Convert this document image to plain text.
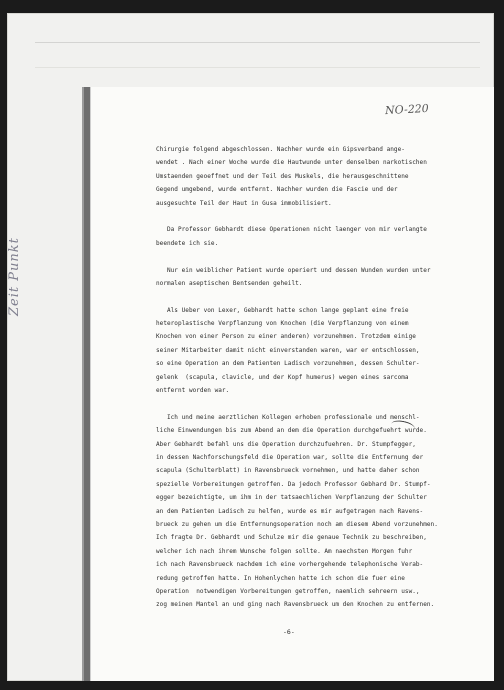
Zeit Punkt
NO-220
Chirurgie folgend abgeschlossen. Nachher wurde ein Gipsverband ange-
wendet . Nach einer Woche wurde die Hautwunde unter denselben narkotischen
Umstaenden geoeffnet und der Teil des Muskels, die herausgeschnittene
Gegend umgebend, wurde entfernt. Nachher wurden die Fascie und der
ausgesuchte Teil der Haut in Gusa immobilisiert.
Da Professor Gebhardt diese Operationen nicht laenger von mir verlangte
beendete ich sie.
Nur ein weiblicher Patient wurde operiert und dessen Wunden wurden unter
normalen aseptischen Bentsenden geheilt.
Als Ueber von Lexer, Gebhardt hatte schon lange geplant eine freie
heteroplastische Verpflanzung von Knochen (die Verpflanzung von einem
Knochen von einer Person zu einer anderen) vorzunehmen. Trotzdem einige
seiner Mitarbeiter damit nicht einverstanden waren, war er entschlossen,
so eine Operation an dem Patienten Ladisch vorzunehmen, dessen Schulter-
gelenk  (scapula, clavicle, und der Kopf humerus) wegen eines sarcoma
entfernt worden war.
Ich und meine aerztlichen Kollegen erhoben professionale und menschl-
liche Einwendungen bis zum Abend an dem die Operation durchgefuehrt wurde.
Aber Gebhardt befahl uns die Operation durchzufuehren. Dr. Stumpfegger,
in dessen Nachforschungsfeld die Operation war, sollte die Entfernung der
scapula (Schulterblatt) in Ravensbrueck vornehmen, und hatte daher schon
spezielle Vorbereitungen getroffen. Da jedoch Professor Gebhard Dr. Stumpf-
egger bezeichtigte, um ihm in der tatsaechlichen Verpflanzung der Schulter
an dem Patienten Ladisch zu helfen, wurde es mir aufgetragen nach Ravens-
brueck zu gehen um die Entfernungsoperation noch am diesem Abend vorzunehmen.
Ich fragte Dr. Gebhardt und Schulze mir die genaue Technik zu beschreiben,
welcher ich nach ihrem Wunsche folgen sollte. Am naechsten Morgen fuhr
ich nach Ravensbrueck nachdem ich eine vorhergehende telephonische Verab-
redung getroffen hatte. In Hohenlychen hatte ich schon die fuer eine
Operation  notwendigen Vorbereitungen getroffen, naemlich sehreern usw.,
zog meinen Mantel an und ging nach Ravensbrueck um den Knochen zu entfernen.
-6-
